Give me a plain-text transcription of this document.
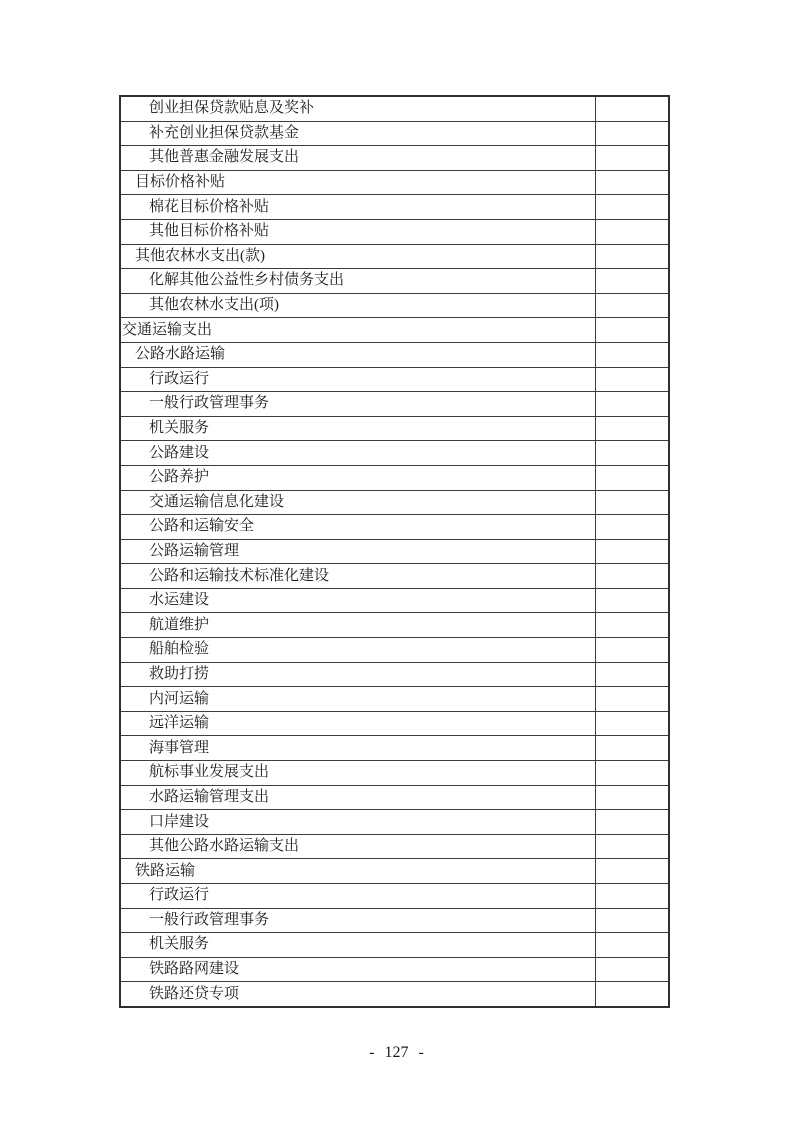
创业担保贷款贴息及奖补
补充创业担保贷款基金
其他普惠金融发展支出
目标价格补贴
棉花目标价格补贴
其他目标价格补贴
其他农林水支出(款)
化解其他公益性乡村债务支出
其他农林水支出(项)
交通运输支出
公路水路运输
行政运行
一般行政管理事务
机关服务
公路建设
公路养护
交通运输信息化建设
公路和运输安全
公路运输管理
公路和运输技术标准化建设
水运建设
航道维护
船舶检验
救助打捞
内河运输
远洋运输
海事管理
航标事业发展支出
水路运输管理支出
口岸建设
其他公路水路运输支出
铁路运输
行政运行
一般行政管理事务
机关服务
铁路路网建设
铁路还贷专项
- 127 -
